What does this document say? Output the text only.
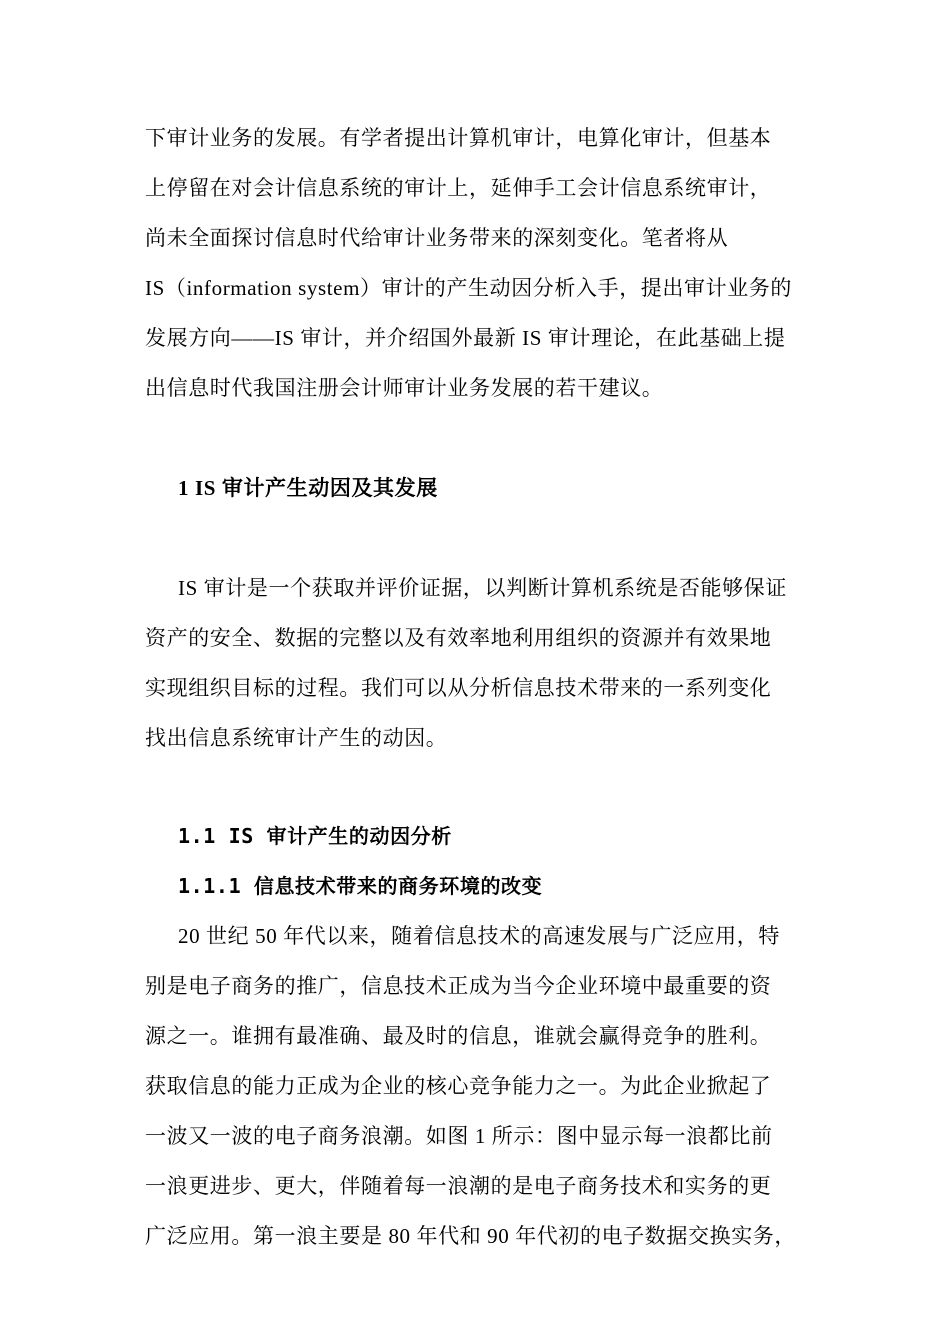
下审计业务的发展。有学者提出计算机审计，电算化审计，但基本
上停留在对会计信息系统的审计上，延伸手工会计信息系统审计，
尚未全面探讨信息时代给审计业务带来的深刻变化。笔者将从
IS（information system）审计的产生动因分析入手，提出审计业务的
发展方向——IS 审计，并介绍国外最新 IS 审计理论，在此基础上提
出信息时代我国注册会计师审计业务发展的若干建议。
1 IS 审计产生动因及其发展
IS 审计是一个获取并评价证据，以判断计算机系统是否能够保证
资产的安全、数据的完整以及有效率地利用组织的资源并有效果地
实现组织目标的过程。我们可以从分析信息技术带来的一系列变化
找出信息系统审计产生的动因。
1.1 IS 审计产生的动因分析
1.1.1 信息技术带来的商务环境的改变
20 世纪 50 年代以来，随着信息技术的高速发展与广泛应用，特
别是电子商务的推广，信息技术正成为当今企业环境中最重要的资
源之一。谁拥有最准确、最及时的信息，谁就会赢得竞争的胜利。
获取信息的能力正成为企业的核心竞争能力之一。为此企业掀起了
一波又一波的电子商务浪潮。如图 1 所示：图中显示每一浪都比前
一浪更进步、更大，伴随着每一浪潮的是电子商务技术和实务的更
广泛应用。第一浪主要是 80 年代和 90 年代初的电子数据交换实务，
